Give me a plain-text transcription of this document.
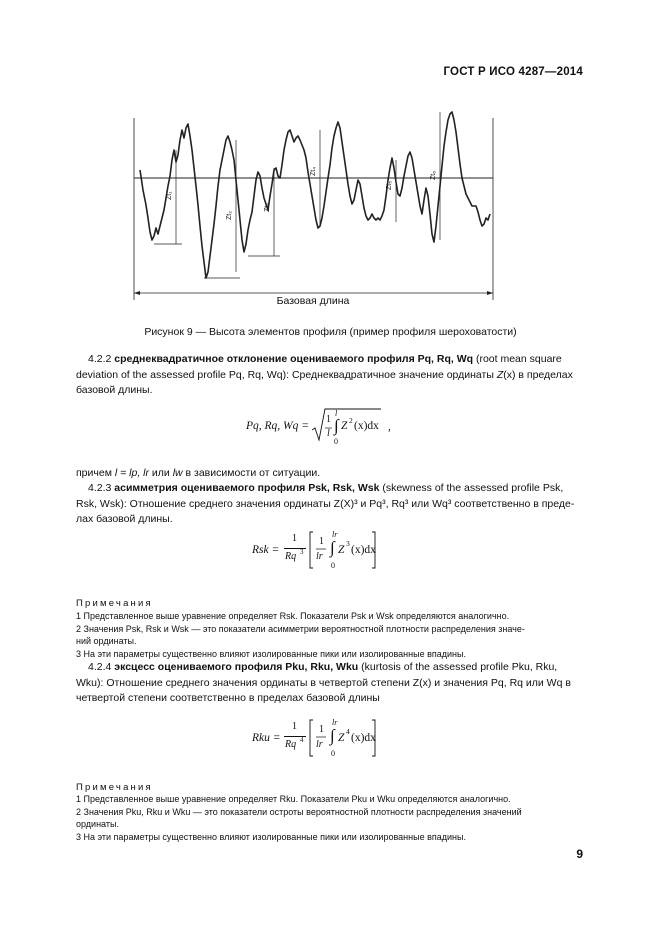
ГОСТ Р ИСО 4287—2014
Zt₁
Zt₂
Zt₃
Zt₄
Zt₅
Zt₆
Базовая длина
Рисунок 9 — Высота элементов профиля (пример профиля шероховатости)
4.2.2 среднеквадратичное отклонение оцениваемого профиля Pq, Rq, Wq (root mean square
deviation of the assessed profile Pq, Rq, Wq): Среднеквадратичное значение ординаты Z(x) в пределах
базовой длины.
Pq, Rq, Wq =
1
l
l
∫
0
Z 2 (x)dx ,
причем l = lp, lr или lw в зависимости от ситуации.
4.2.3 асимметрия оцениваемого профиля Psk, Rsk, Wsk (skewness of the assessed profile Psk,
Rsk, Wsk): Отношение среднего значения ординаты Z(X)³ и Pq³, Rq³ или Wq³ соответственно в преде-
лах базовой длины.
Rsk =
1
Rq 3
1
lr
lr
∫
0
Z
3
(x)dx
Примечания
1 Представленное выше уравнение определяет Rsk. Показатели Psk и Wsk определяются аналогично.
2 Значения Psk, Rsk и Wsk — это показатели асимметрии вероятностной плотности распределения значе-
ний ординаты.
3 На эти параметры существенно влияют изолированные пики или изолированные впадины.
4.2.4 эксцесс оцениваемого профиля Pku, Rku, Wku (kurtosis of the assessed profile Pku, Rku,
Wku): Отношение среднего значения ординаты в четвертой степени Z(x) и значения Pq, Rq или Wq в
четвертой степени соответственно в пределах базовой длины
Rku =
1
Rq 4
1
lr
lr
∫
0
Z
4
(x)dx
Примечания
1 Представленное выше уравнение определяет Rku. Показатели Pku и Wku определяются аналогично.
2 Значения Pku, Rku и Wku — это показатели остроты вероятностной плотности распределения значений
ординаты.
3 На эти параметры существенно влияют изолированные пики или изолированные впадины.
9
